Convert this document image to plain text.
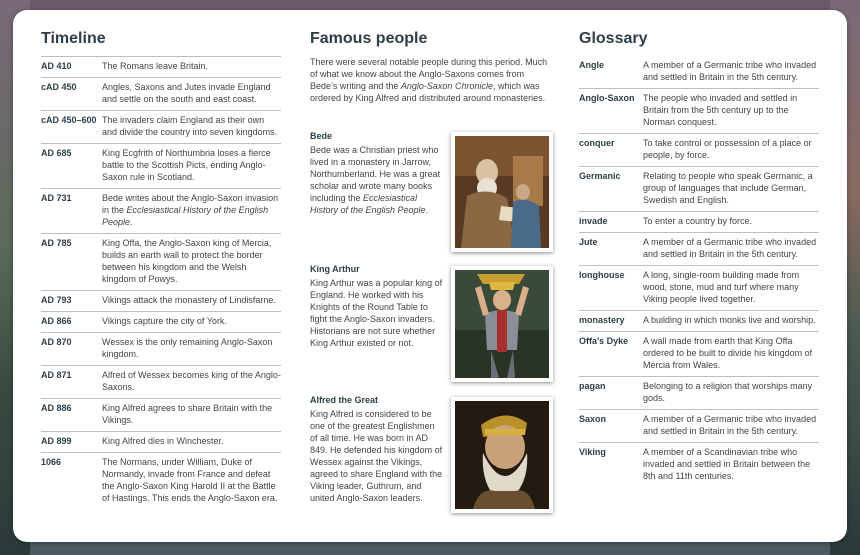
Timeline
AD 410	The Romans leave Britain.
cAD 450	Angles, Saxons and Jutes invade England and settle on the south and east coast.
cAD 450–600 The invaders claim England as their own and divide the country into seven kingdoms.
AD 685	King Ecgfrith of Northumbria loses a fierce battle to the Scottish Picts, ending Anglo-Saxon rule in Scotland.
AD 731	Bede writes about the Anglo-Saxon invasion in the Ecclesiastical History of the English People.
AD 785	King Offa, the Anglo-Saxon king of Mercia, builds an earth wall to protect the border between his kingdom and the Welsh kingdom of Powys.
AD 793	Vikings attack the monastery of Lindisfarne.
AD 866	Vikings capture the city of York.
AD 870	Wessex is the only remaining Anglo-Saxon kingdom.
AD 871	Alfred of Wessex becomes king of the Anglo-Saxons.
AD 886	King Alfred agrees to share Britain with the Vikings.
AD 899	King Alfred dies in Winchester.
1066	The Normans, under William, Duke of Normandy, invade from France and defeat the Anglo-Saxon King Harold II at the Battle of Hastings. This ends the Anglo-Saxon era.
Famous people
There were several notable people during this period. Much of what we know about the Anglo-Saxons comes from Bede’s writing and the Anglo-Saxon Chronicle, which was ordered by King Alfred and distributed around monasteries.
Bede
Bede was a Christian priest who lived in a monastery in Jarrow, Northumberland. He was a great scholar and wrote many books including the Ecclesiastical History of the English People.
King Arthur
King Arthur was a popular king of England. He worked with his Knights of the Round Table to fight the Anglo-Saxon invaders. Historians are not sure whether King Arthur existed or not.
Alfred the Great
King Alfred is considered to be one of the greatest Englishmen of all time. He was born in AD 849. He defended his kingdom of Wessex against the Vikings, agreed to share England with the Viking leader, Guthrum, and united Anglo-Saxon leaders.
Glossary
Angle	A member of a Germanic tribe who invaded and settled in Britain in the 5th century.
Anglo-Saxon The people who invaded and settled in Britain from the 5th century up to the Norman conquest.
conquer	To take control or possession of a place or people, by force.
Germanic	Relating to people who speak Germanic, a group of languages that include German, Swedish and English.
invade	To enter a country by force.
Jute	A member of a Germanic tribe who invaded and settled in Britain in the 5th century.
longhouse	A long, single-room building made from wood, stone, mud and turf where many Viking people lived together.
monastery	A building in which monks live and worship.
Offa’s Dyke	A wall made from earth that King Offa ordered to be built to divide his kingdom of Mercia from Wales.
pagan	Belonging to a religion that worships many gods.
Saxon	A member of a Germanic tribe who invaded and settled in Britain in the 5th century.
Viking	A member of a Scandinavian tribe who invaded and settled in Britain between the 8th and 11th centuries.
